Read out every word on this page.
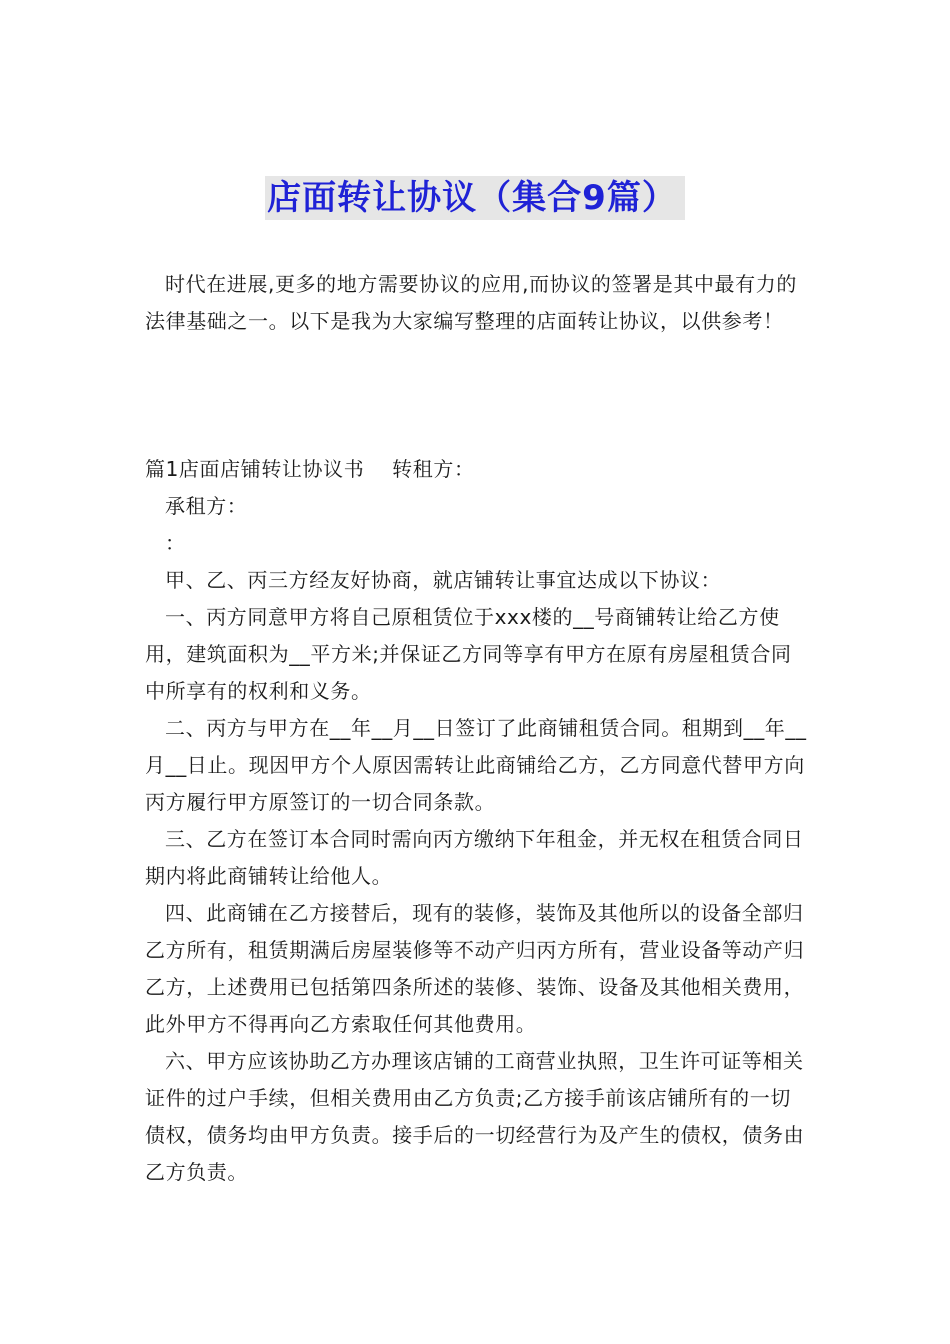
店面转让协议（集合9篇）

时代在进展,更多的地方需要协议的应用,而协议的签署是其中最有力的法律基础之一。以下是我为大家编写整理的店面转让协议，以供参考！

篇1店面店铺转让协议书    转租方：

承租方：

：

甲、乙、丙三方经友好协商，就店铺转让事宜达成以下协议：

一、丙方同意甲方将自己原租赁位于xxx楼的__号商铺转让给乙方使用，建筑面积为__平方米;并保证乙方同等享有甲方在原有房屋租赁合同中所享有的权利和义务。

二、丙方与甲方在__年__月__日签订了此商铺租赁合同。租期到__年__月__日止。现因甲方个人原因需转让此商铺给乙方，乙方同意代替甲方向丙方履行甲方原签订的一切合同条款。

三、乙方在签订本合同时需向丙方缴纳下年租金，并无权在租赁合同日期内将此商铺转让给他人。

四、此商铺在乙方接替后，现有的装修，装饰及其他所以的设备全部归乙方所有，租赁期满后房屋装修等不动产归丙方所有，营业设备等动产归乙方，上述费用已包括第四条所述的装修、装饰、设备及其他相关费用，此外甲方不得再向乙方索取任何其他费用。

六、甲方应该协助乙方办理该店铺的工商营业执照，卫生许可证等相关证件的过户手续，但相关费用由乙方负责;乙方接手前该店铺所有的一切债权，债务均由甲方负责。接手后的一切经营行为及产生的债权，债务由乙方负责。
